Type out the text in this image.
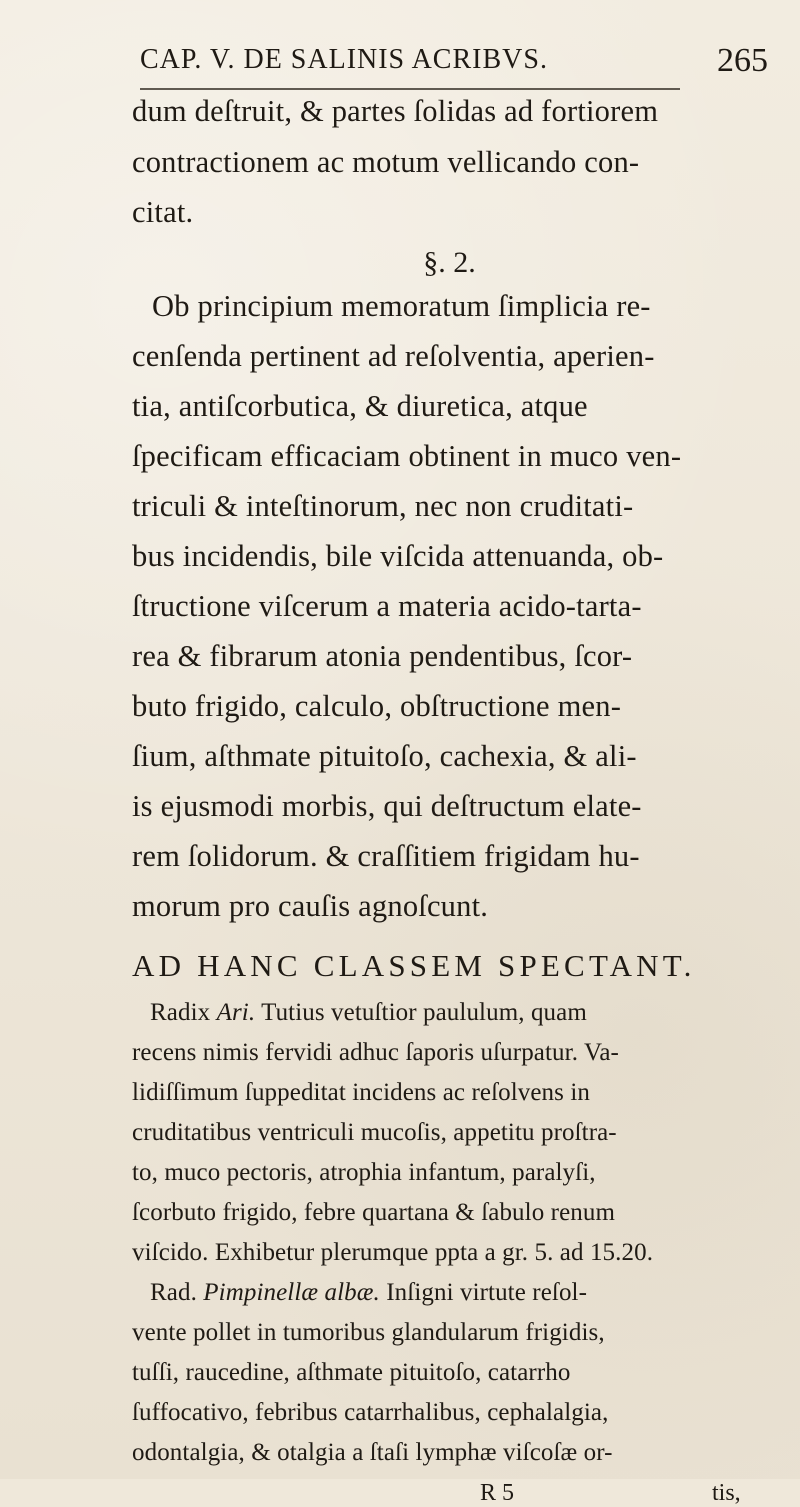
CAP. V. DE SALINIS ACRIBVS.	265
dum deſtruit, & partes ſolidas ad fortiorem
contractionem ac motum vellicando con-
citat.
§. 2.
Ob principium memoratum ſimplicia re-
cenſenda pertinent ad reſolventia, aperien-
tia, antiſcorbutica, & diuretica, atque
ſpecificam efficaciam obtinent in muco ven-
triculi & inteſtinorum, nec non cruditati-
bus incidendis, bile viſcida attenuanda, ob-
ſtructione viſcerum a materia acido-tarta-
rea & fibrarum atonia pendentibus, ſcor-
buto frigido, calculo, obſtructione men-
ſium, aſthmate pituitoſo, cachexia, & ali-
is ejusmodi morbis, qui deſtructum elate-
rem ſolidorum. & craſſitiem frigidam hu-
morum pro cauſis agnoſcunt.
AD HANC CLASSEM SPECTANT.
Radix Ari. Tutius vetuſtior paululum, quam
recens nimis fervidi adhuc ſaporis uſurpatur. Va-
lidiſſimum ſuppeditat incidens ac reſolvens in
cruditatibus ventriculi mucoſis, appetitu proſtra-
to, muco pectoris, atrophia infantum, paralyſi,
ſcorbuto frigido, febre quartana & ſabulo renum
viſcido. Exhibetur plerumque ppta a gr. 5. ad 15.20.
Rad. Pimpinellæ albæ. Inſigni virtute reſol-
vente pollet in tumoribus glandularum frigidis,
tuſſi, raucedine, aſthmate pituitoſo, catarrho
ſuffocativo, febribus catarrhalibus, cephalalgia,
odontalgia, & otalgia a ſtaſi lymphæ viſcoſæ or-
R 5	tis,
